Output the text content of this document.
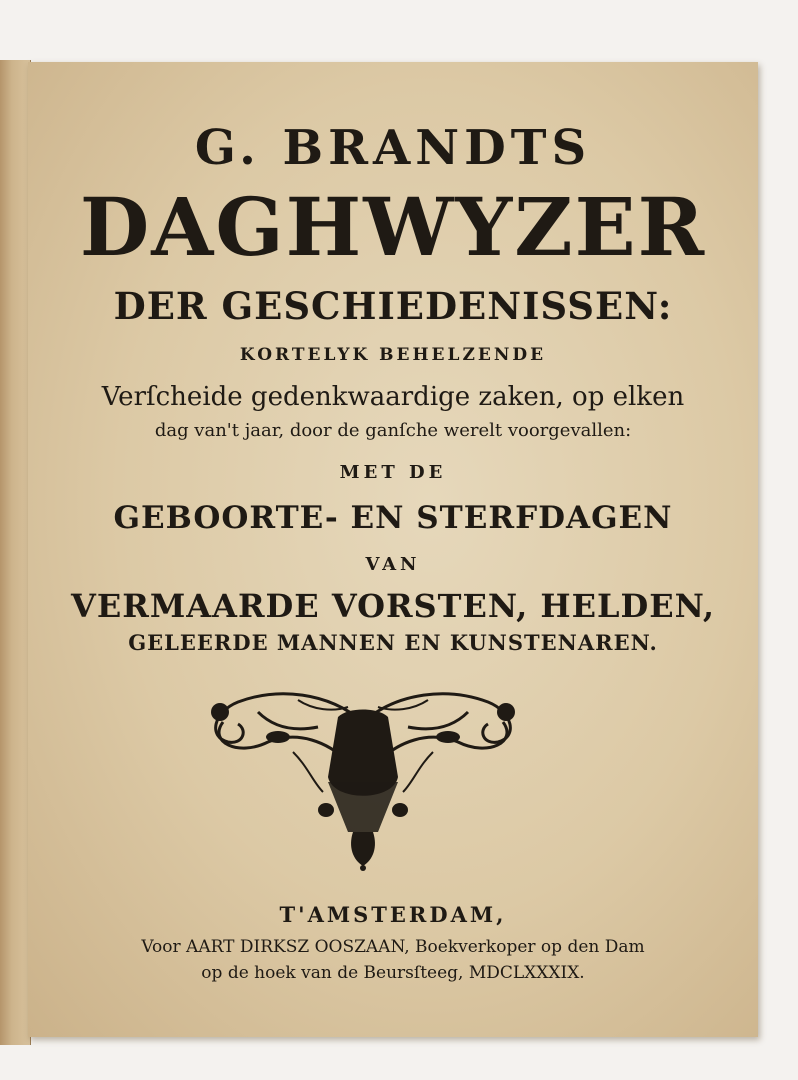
G. BRANDTS
DAGHWYZER
DER GESCHIEDENISSEN:
KORTELYK BEHELZENDE
Verſcheide gedenkwaardige zaken, op elken
dag van't jaar, door de ganſche werelt voorgevallen:
MET DE
GEBOORTE- EN STERFDAGEN
VAN
VERMAARDE VORSTEN, HELDEN,
GELEERDE MANNEN EN KUNSTENAREN.
T'AMSTERDAM,
Voor AART DIRKSZ OOSZAAN, Boekverkoper op den Dam
op de hoek van de Beursſteeg, MDCLXXXIX.
